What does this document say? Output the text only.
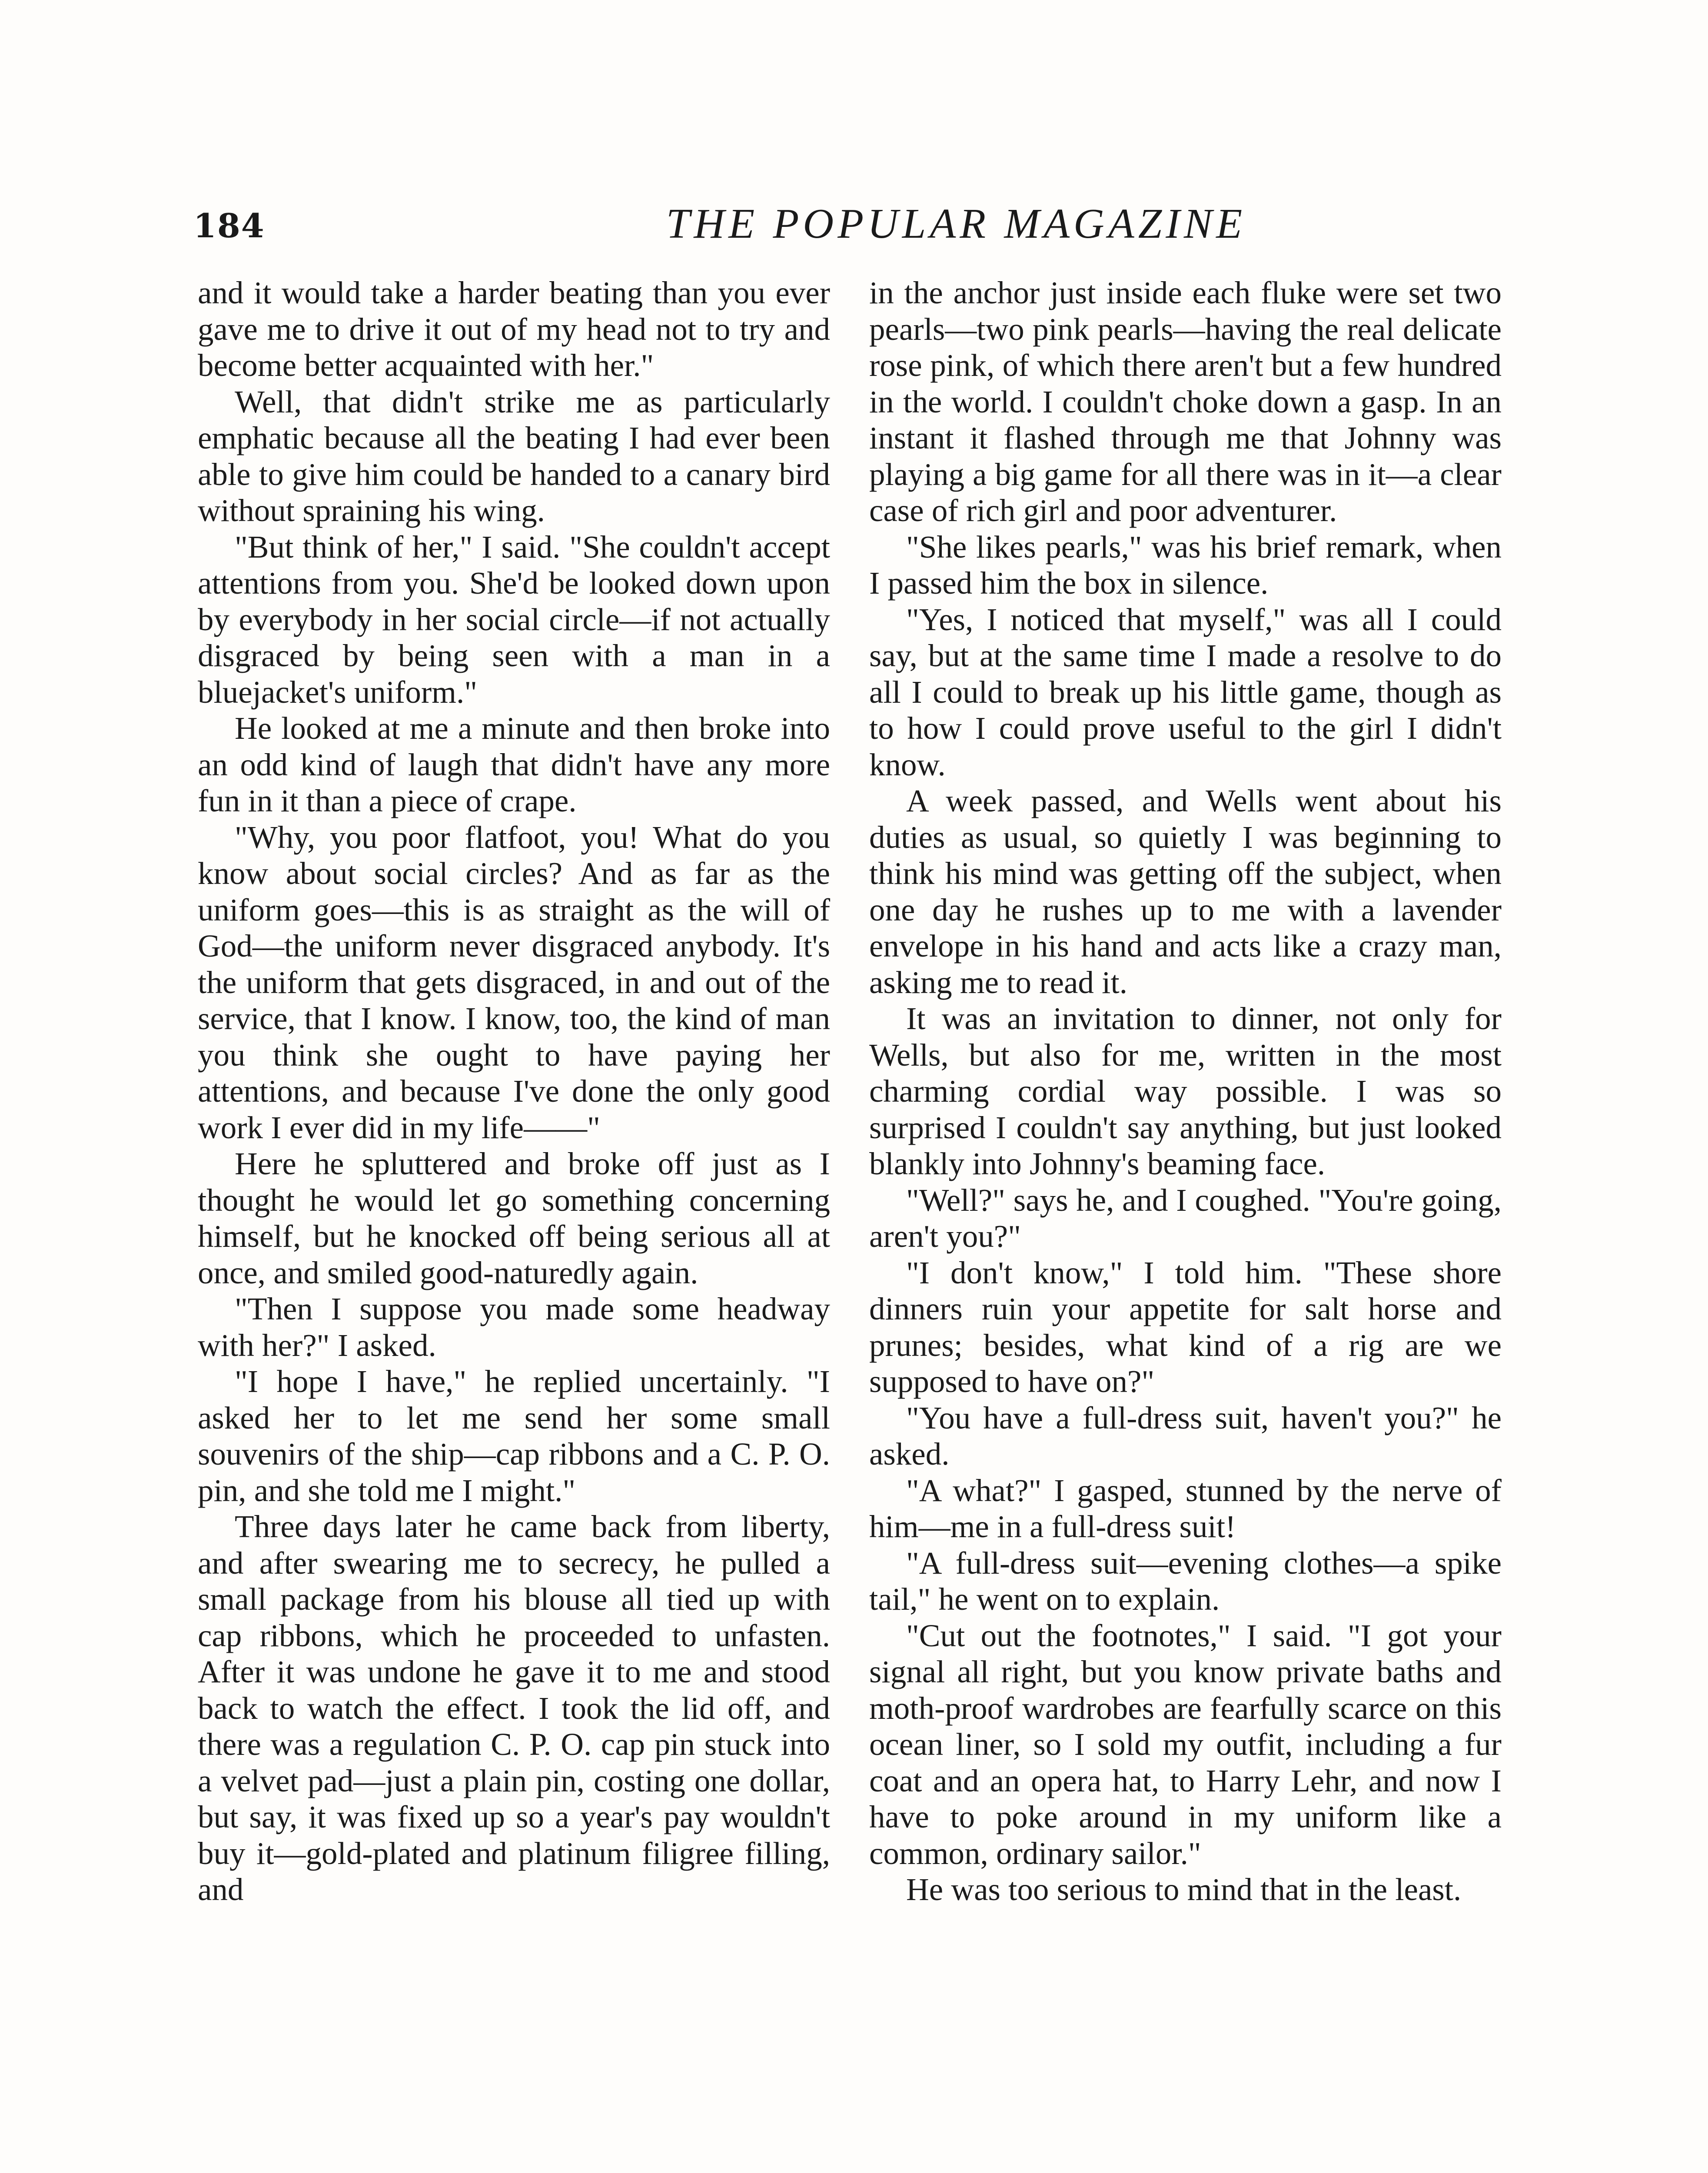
184	THE POPULAR MAGAZINE

and it would take a harder beating than you ever gave me to drive it out of my head not to try and become better acquainted with her."

Well, that didn't strike me as particularly emphatic because all the beating I had ever been able to give him could be handed to a canary bird without spraining his wing.

"But think of her," I said. "She couldn't accept attentions from you. She'd be looked down upon by everybody in her social circle—if not actually disgraced by being seen with a man in a bluejacket's uniform."

He looked at me a minute and then broke into an odd kind of laugh that didn't have any more fun in it than a piece of crape.

"Why, you poor flatfoot, you! What do you know about social circles? And as far as the uniform goes—this is as straight as the will of God—the uniform never disgraced anybody. It's the uniform that gets disgraced, in and out of the service, that I know. I know, too, the kind of man you think she ought to have paying her attentions, and because I've done the only good work I ever did in my life——"

Here he spluttered and broke off just as I thought he would let go something concerning himself, but he knocked off being serious all at once, and smiled good-naturedly again.

"Then I suppose you made some headway with her?" I asked.

"I hope I have," he replied uncertainly. "I asked her to let me send her some small souvenirs of the ship—cap ribbons and a C. P. O. pin, and she told me I might."

Three days later he came back from liberty, and after swearing me to secrecy, he pulled a small package from his blouse all tied up with cap ribbons, which he proceeded to unfasten. After it was undone he gave it to me and stood back to watch the effect. I took the lid off, and there was a regulation C. P. O. cap pin stuck into a velvet pad—just a plain pin, costing one dollar, but say, it was fixed up so a year's pay wouldn't buy it—gold-plated and platinum filigree filling, and

in the anchor just inside each fluke were set two pearls—two pink pearls—having the real delicate rose pink, of which there aren't but a few hundred in the world. I couldn't choke down a gasp. In an instant it flashed through me that Johnny was playing a big game for all there was in it—a clear case of rich girl and poor adventurer.

"She likes pearls," was his brief remark, when I passed him the box in silence.

"Yes, I noticed that myself," was all I could say, but at the same time I made a resolve to do all I could to break up his little game, though as to how I could prove useful to the girl I didn't know.

A week passed, and Wells went about his duties as usual, so quietly I was beginning to think his mind was getting off the subject, when one day he rushes up to me with a lavender envelope in his hand and acts like a crazy man, asking me to read it.

It was an invitation to dinner, not only for Wells, but also for me, written in the most charming cordial way possible. I was so surprised I couldn't say anything, but just looked blankly into Johnny's beaming face.

"Well?" says he, and I coughed. "You're going, aren't you?"

"I don't know," I told him. "These shore dinners ruin your appetite for salt horse and prunes; besides, what kind of a rig are we supposed to have on?"

"You have a full-dress suit, haven't you?" he asked.

"A what?" I gasped, stunned by the nerve of him—me in a full-dress suit!

"A full-dress suit—evening clothes—a spike tail," he went on to explain.

"Cut out the footnotes," I said. "I got your signal all right, but you know private baths and moth-proof wardrobes are fearfully scarce on this ocean liner, so I sold my outfit, including a fur coat and an opera hat, to Harry Lehr, and now I have to poke around in my uniform like a common, ordinary sailor."

He was too serious to mind that in the least.
